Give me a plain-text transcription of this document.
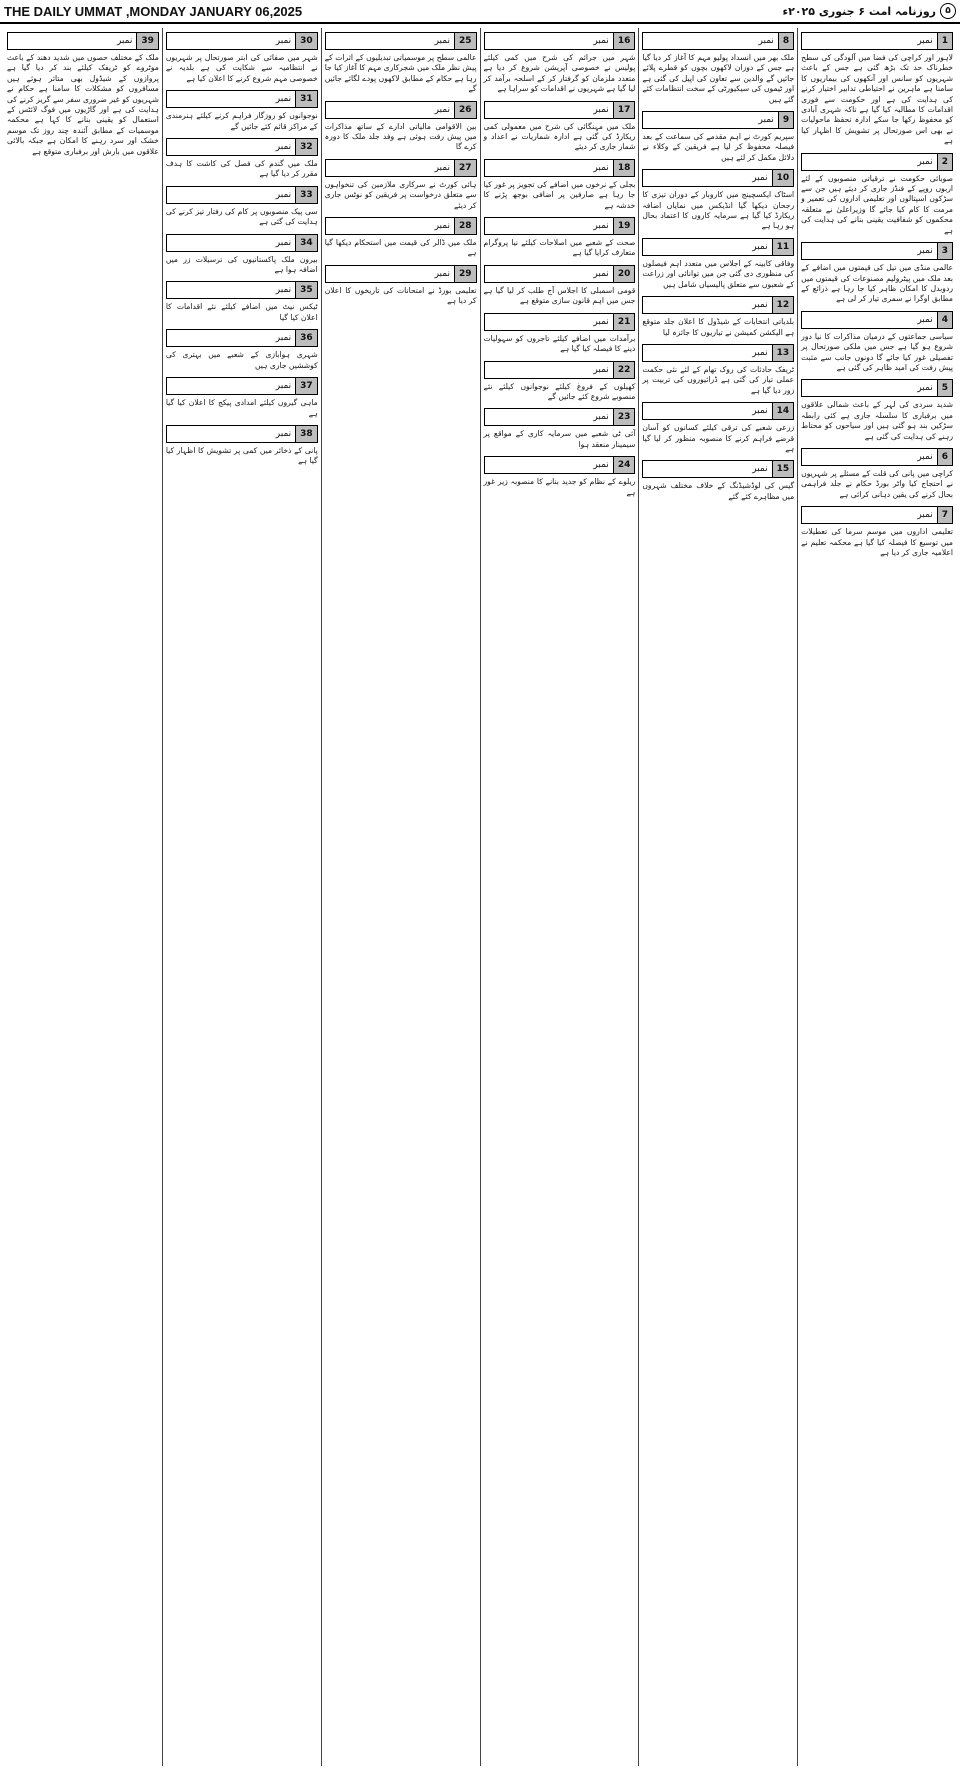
THE DAILY UMMAT ,MONDAY JANUARY 06,2025	۵
روزنامہ امت ۶ جنوری ۲۰۲۵ء
1
نمبر
لاہور اور کراچی کی فضا میں آلودگی کی سطح خطرناک حد تک بڑھ گئی ہے جس کے باعث شہریوں کو سانس اور آنکھوں کی بیماریوں کا سامنا ہے ماہرین نے احتیاطی تدابیر اختیار کرنے کی ہدایت کی ہے اور حکومت سے فوری اقدامات کا مطالبہ کیا گیا ہے تاکہ شہری آبادی کو محفوظ رکھا جا سکے ادارہ تحفظ ماحولیات نے بھی اس صورتحال پر تشویش کا اظہار کیا ہے
2
نمبر
صوبائی حکومت نے ترقیاتی منصوبوں کے لئے اربوں روپے کے فنڈز جاری کر دیئے ہیں جن سے سڑکوں اسپتالوں اور تعلیمی اداروں کی تعمیر و مرمت کا کام کیا جائے گا وزیراعلیٰ نے متعلقہ محکموں کو شفافیت یقینی بنانے کی ہدایت کی ہے
3
نمبر
عالمی منڈی میں تیل کی قیمتوں میں اضافے کے بعد ملک میں پیٹرولیم مصنوعات کی قیمتوں میں ردوبدل کا امکان ظاہر کیا جا رہا ہے ذرائع کے مطابق اوگرا نے سمری تیار کر لی ہے
4
نمبر
سیاسی جماعتوں کے درمیان مذاکرات کا نیا دور شروع ہو گیا ہے جس میں ملکی صورتحال پر تفصیلی غور کیا جائے گا دونوں جانب سے مثبت پیش رفت کی امید ظاہر کی گئی ہے
5
نمبر
شدید سردی کی لہر کے باعث شمالی علاقوں میں برفباری کا سلسلہ جاری ہے کئی رابطہ سڑکیں بند ہو گئی ہیں اور سیاحوں کو محتاط رہنے کی ہدایت کی گئی ہے
6
نمبر
کراچی میں پانی کی قلت کے مسئلے پر شہریوں نے احتجاج کیا واٹر بورڈ حکام نے جلد فراہمی بحال کرنے کی یقین دہانی کرائی ہے
7
نمبر
تعلیمی اداروں میں موسم سرما کی تعطیلات میں توسیع کا فیصلہ کیا گیا ہے محکمہ تعلیم نے اعلامیہ جاری کر دیا ہے
8
نمبر
ملک بھر میں انسداد پولیو مہم کا آغاز کر دیا گیا ہے جس کے دوران لاکھوں بچوں کو قطرے پلائے جائیں گے والدین سے تعاون کی اپیل کی گئی ہے اور ٹیموں کی سیکیورٹی کے سخت انتظامات کئے گئے ہیں
9
نمبر
سپریم کورٹ نے اہم مقدمے کی سماعت کے بعد فیصلہ محفوظ کر لیا ہے فریقین کے وکلاء نے دلائل مکمل کر لئے ہیں
10
نمبر
اسٹاک ایکسچینج میں کاروبار کے دوران تیزی کا رجحان دیکھا گیا انڈیکس میں نمایاں اضافہ ریکارڈ کیا گیا ہے سرمایہ کاروں کا اعتماد بحال ہو رہا ہے
11
نمبر
وفاقی کابینہ کے اجلاس میں متعدد اہم فیصلوں کی منظوری دی گئی جن میں توانائی اور زراعت کے شعبوں سے متعلق پالیسیاں شامل ہیں
12
نمبر
بلدیاتی انتخابات کے شیڈول کا اعلان جلد متوقع ہے الیکشن کمیشن نے تیاریوں کا جائزہ لیا
13
نمبر
ٹریفک حادثات کی روک تھام کے لئے نئی حکمت عملی تیار کی گئی ہے ڈرائیوروں کی تربیت پر زور دیا گیا ہے
14
نمبر
زرعی شعبے کی ترقی کیلئے کسانوں کو آسان قرضے فراہم کرنے کا منصوبہ منظور کر لیا گیا ہے
15
نمبر
گیس کی لوڈشیڈنگ کے خلاف مختلف شہروں میں مظاہرے کئے گئے
16
نمبر
شہر میں جرائم کی شرح میں کمی کیلئے پولیس نے خصوصی آپریشن شروع کر دیا ہے متعدد ملزمان کو گرفتار کر کے اسلحہ برآمد کر لیا گیا ہے شہریوں نے اقدامات کو سراہا ہے
17
نمبر
ملک میں مہنگائی کی شرح میں معمولی کمی ریکارڈ کی گئی ہے ادارہ شماریات نے اعداد و شمار جاری کر دیئے
18
نمبر
بجلی کے نرخوں میں اضافے کی تجویز پر غور کیا جا رہا ہے صارفین پر اضافی بوجھ پڑنے کا خدشہ ہے
19
نمبر
صحت کے شعبے میں اصلاحات کیلئے نیا پروگرام متعارف کرایا گیا ہے
20
نمبر
قومی اسمبلی کا اجلاس آج طلب کر لیا گیا ہے جس میں اہم قانون سازی متوقع ہے
21
نمبر
برآمدات میں اضافے کیلئے تاجروں کو سہولیات دینے کا فیصلہ کیا گیا ہے
22
نمبر
کھیلوں کے فروغ کیلئے نوجوانوں کیلئے نئے منصوبے شروع کئے جائیں گے
23
نمبر
آئی ٹی شعبے میں سرمایہ کاری کے مواقع پر سیمینار منعقد ہوا
24
نمبر
ریلوے کے نظام کو جدید بنانے کا منصوبہ زیر غور ہے
25
نمبر
عالمی سطح پر موسمیاتی تبدیلیوں کے اثرات کے پیش نظر ملک میں شجرکاری مہم کا آغاز کیا جا رہا ہے حکام کے مطابق لاکھوں پودے لگائے جائیں گے
26
نمبر
بین الاقوامی مالیاتی ادارے کے ساتھ مذاکرات میں پیش رفت ہوئی ہے وفد جلد ملک کا دورہ کرے گا
27
نمبر
ہائی کورٹ نے سرکاری ملازمین کی تنخواہوں سے متعلق درخواست پر فریقین کو نوٹس جاری کر دیئے
28
نمبر
ملک میں ڈالر کی قیمت میں استحکام دیکھا گیا ہے
29
نمبر
تعلیمی بورڈ نے امتحانات کی تاریخوں کا اعلان کر دیا ہے
30
نمبر
شہر میں صفائی کی ابتر صورتحال پر شہریوں نے انتظامیہ سے شکایت کی ہے بلدیہ نے خصوصی مہم شروع کرنے کا اعلان کیا ہے
31
نمبر
نوجوانوں کو روزگار فراہم کرنے کیلئے ہنرمندی کے مراکز قائم کئے جائیں گے
32
نمبر
ملک میں گندم کی فصل کی کاشت کا ہدف مقرر کر دیا گیا ہے
33
نمبر
سی پیک منصوبوں پر کام کی رفتار تیز کرنے کی ہدایت کی گئی ہے
34
نمبر
بیرون ملک پاکستانیوں کی ترسیلات زر میں اضافہ ہوا ہے
35
نمبر
ٹیکس نیٹ میں اضافے کیلئے نئے اقدامات کا اعلان کیا گیا
36
نمبر
شہری ہوابازی کے شعبے میں بہتری کی کوششیں جاری ہیں
37
نمبر
ماہی گیروں کیلئے امدادی پیکج کا اعلان کیا گیا ہے
38
نمبر
پانی کے ذخائر میں کمی پر تشویش کا اظہار کیا گیا ہے
39
نمبر
ملک کے مختلف حصوں میں شدید دھند کے باعث موٹروے کو ٹریفک کیلئے بند کر دیا گیا ہے پروازوں کے شیڈول بھی متاثر ہوئے ہیں مسافروں کو مشکلات کا سامنا ہے حکام نے شہریوں کو غیر ضروری سفر سے گریز کرنے کی ہدایت کی ہے اور گاڑیوں میں فوگ لائٹس کے استعمال کو یقینی بنانے کا کہا ہے محکمہ موسمیات کے مطابق آئندہ چند روز تک موسم خشک اور سرد رہنے کا امکان ہے جبکہ بالائی علاقوں میں بارش اور برفباری متوقع ہے
